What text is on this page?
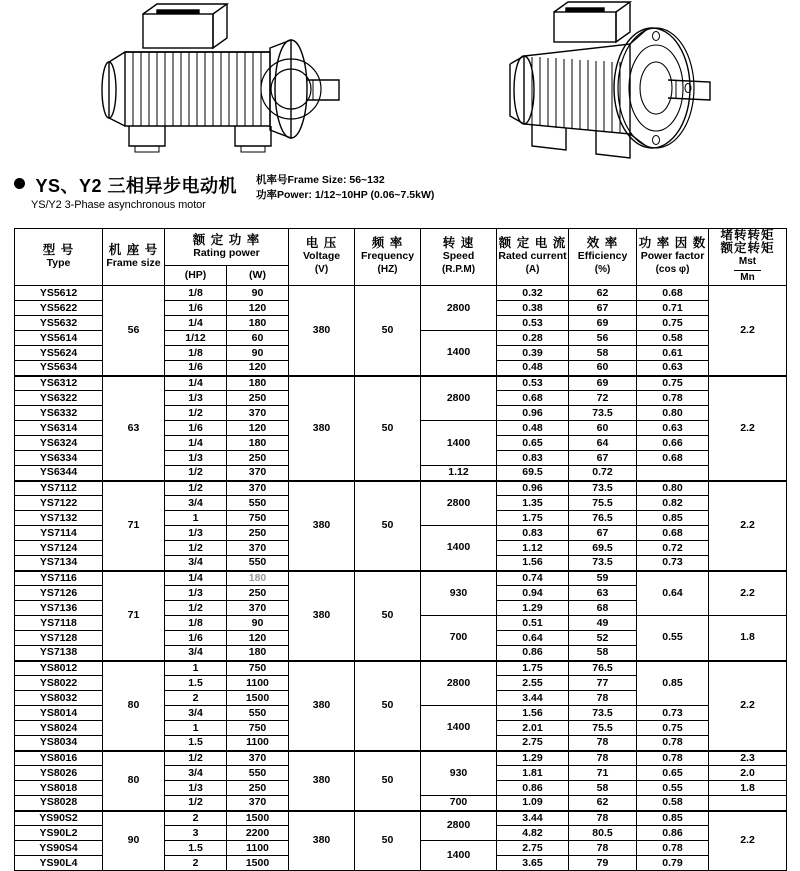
YS、Y2 三相异步电动机
YS/Y2 3-Phase asynchronous motor
机率号Frame Size: 56~132
功率Power: 1/12~10HP (0.06~7.5kW)
型 号
Type

机 座 号
Frame size

额 定 功 率
Rating power

电 压
Voltage
(V)

频 率
Frequency
(HZ)

转 速
Speed
(R.P.M)

额 定 电 流
Rated current
(A)

效 率
Efficiency
(%)

功 率 因 数
Power factor
(cos φ)

堵转转矩
额定转矩
Mst
Mn
		(HP)	(W)							
YS5612	56	1/8	90	380	50	2800	0.32	62	0.68	2.2
YS5622		1/6	120				0.38	67	0.71	
YS5632		1/4	180				0.53	69	0.75	
YS5614		1/12	60			1400	0.28	56	0.58	
YS5624		1/8	90				0.39	58	0.61	
YS5634		1/6	120				0.48	60	0.63	
YS6312	63	1/4	180	380	50	2800	0.53	69	0.75	2.2
YS6322		1/3	250				0.68	72	0.78	
YS6332		1/2	370				0.96	73.5	0.80	
YS6314		1/6	120			1400	0.48	60	0.63	
YS6324		1/4	180				0.65	64	0.66	
YS6334		1/3	250				0.83	67	0.68	
YS6344		1/2	370			1.12	69.5	0.72		
YS7112	71	1/2	370	380	50	2800	0.96	73.5	0.80	2.2
YS7122		3/4	550				1.35	75.5	0.82	
YS7132		1	750				1.75	76.5	0.85	
YS7114		1/3	250			1400	0.83	67	0.68	
YS7124		1/2	370				1.12	69.5	0.72	
YS7134		3/4	550				1.56	73.5	0.73	
YS7116	71	1/4	180	380	50	930	0.74	59	0.64	2.2
YS7126		1/3	250				0.94	63		
YS7136		1/2	370				1.29	68		
YS7118		1/8	90			700	0.51	49	0.55	1.8
YS7128		1/6	120				0.64	52		
YS7138		3/4	180				0.86	58		
YS8012	80	1	750	380	50	2800	1.75	76.5	0.85	2.2
YS8022		1.5	1100				2.55	77		
YS8032		2	1500				3.44	78		
YS8014		3/4	550			1400	1.56	73.5	0.73	
YS8024		1	750				2.01	75.5	0.75	
YS8034		1.5	1100				2.75	78	0.78	
YS8016	80	1/2	370	380	50	930	1.29	78	0.78	2.3
YS8026		3/4	550				1.81	71	0.65	2.0
YS8018		1/3	250				0.86	58	0.55	1.8
YS8028		1/2	370			700	1.09	62	0.58	
YS90S2	90	2	1500	380	50	2800	3.44	78	0.85	2.2
YS90L2		3	2200				4.82	80.5	0.86	
YS90S4		1.5	1100			1400	2.75	78	0.78	
YS90L4		2	1500				3.65	79	0.79	
